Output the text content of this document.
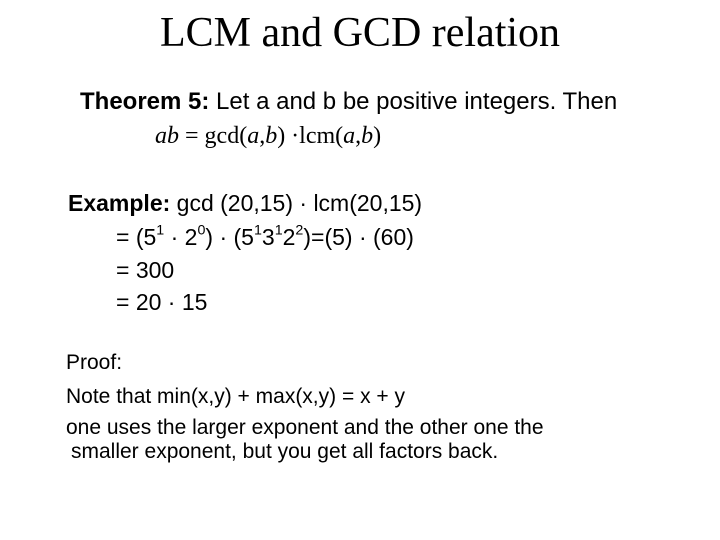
LCM and GCD relation
Theorem 5: Let a and b be positive integers. Then
ab = gcd(a,b) ·lcm(a,b)
Example: gcd (20,15) · lcm(20,15)
= $(5^1 \cdot 2^0) \cdot (5^13^12^2)=(5) \cdot (60)$
= 300
= 20 · 15
Proof:
Note that min(x,y) + max(x,y) = x + y
one uses the larger exponent and the other one the
smaller exponent, but you get all factors back.
